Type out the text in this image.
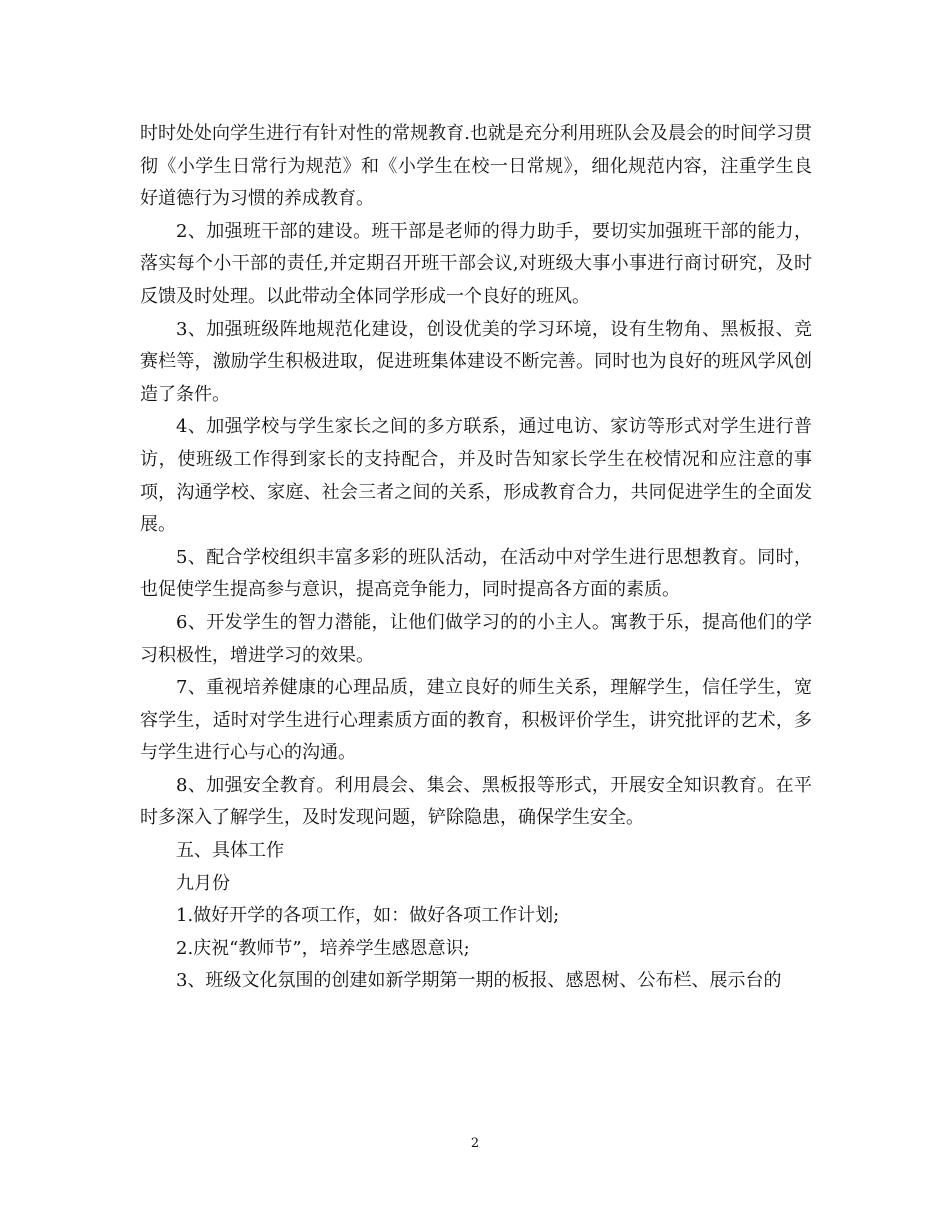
时时处处向学生进行有针对性的常规教育.也就是充分利用班队会及晨会的时间学习贯彻《小学生日常行为规范》和《小学生在校一日常规》，细化规范内容，注重学生良好道德行为习惯的养成教育。

2、加强班干部的建设。班干部是老师的得力助手，要切实加强班干部的能力，落实每个小干部的责任,并定期召开班干部会议,对班级大事小事进行商讨研究，及时反馈及时处理。以此带动全体同学形成一个良好的班风。

3、加强班级阵地规范化建设，创设优美的学习环境，设有生物角、黑板报、竞赛栏等，激励学生积极进取，促进班集体建设不断完善。同时也为良好的班风学风创造了条件。

4、加强学校与学生家长之间的多方联系，通过电访、家访等形式对学生进行普访，使班级工作得到家长的支持配合，并及时告知家长学生在校情况和应注意的事项，沟通学校、家庭、社会三者之间的关系，形成教育合力，共同促进学生的全面发展。

5、配合学校组织丰富多彩的班队活动，在活动中对学生进行思想教育。同时，也促使学生提高参与意识，提高竞争能力，同时提高各方面的素质。

6、开发学生的智力潜能，让他们做学习的的小主人。寓教于乐，提高他们的学习积极性，增进学习的效果。

7、重视培养健康的心理品质，建立良好的师生关系，理解学生，信任学生，宽容学生，适时对学生进行心理素质方面的教育，积极评价学生，讲究批评的艺术，多与学生进行心与心的沟通。

8、加强安全教育。利用晨会、集会、黑板报等形式，开展安全知识教育。在平时多深入了解学生，及时发现问题，铲除隐患，确保学生安全。

五、具体工作

九月份

1.做好开学的各项工作，如：做好各项工作计划;

2.庆祝“教师节”，培养学生感恩意识;

3、班级文化氛围的创建如新学期第一期的板报、感恩树、公布栏、展示台的

2
